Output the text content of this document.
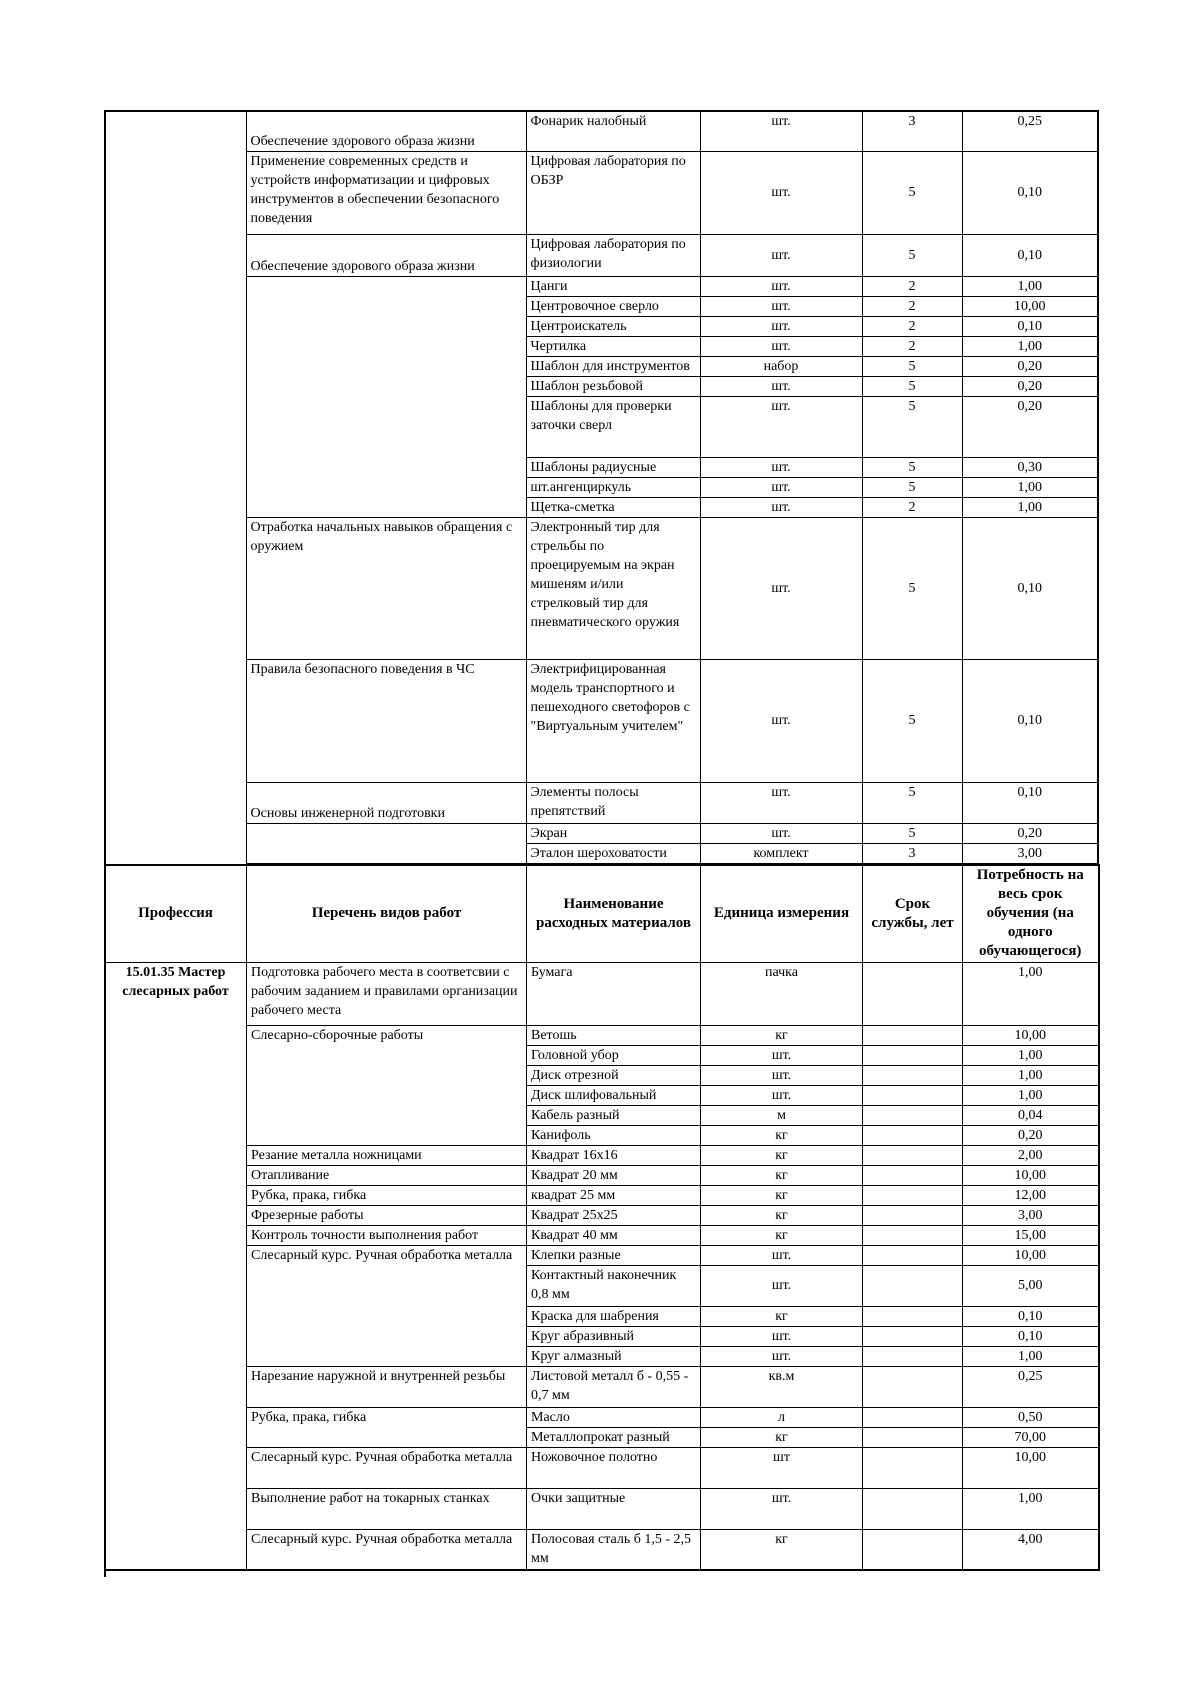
	Обеспечение здорового образа жизни	Фонарик налобный	шт.	3	0,25
	Применение современных средств и устройств информатизации и цифровых инструментов в обеспечении безопасного поведения	Цифровая лаборатория по ОБЗР	шт.	5	0,10
	Обеспечение здорового образа жизни	Цифровая лаборатория по физиологии	шт.	5	0,10
		Цанги	шт.	2	1,00
		Центровочное сверло	шт.	2	10,00
		Центроискатель	шт.	2	0,10
		Чертилка	шт.	2	1,00
		Шаблон для инструментов	набор	5	0,20
		Шаблон резьбовой	шт.	5	0,20
		Шаблоны для проверки заточки сверл	шт.	5	0,20
		Шаблоны радиусные	шт.	5	0,30
		шт.ангенциркуль	шт.	5	1,00
		Щетка-сметка	шт.	2	1,00
	Отработка начальных навыков обращения с оружием	Электронный тир для стрельбы по проецируемым на экран мишеням и/или стрелковый тир для пневматического оружия	шт.	5	0,10
	Правила безопасного поведения в ЧС	Электрифицированная модель транспортного и пешеходного светофоров с "Виртуальным учителем"	шт.	5	0,10
	Основы инженерной подготовки	Элементы полосы препятствий	шт.	5	0,10
		Экран	шт.	5	0,20
		Эталон шероховатости	комплект	3	3,00
Профессия	Перечень видов работ	Наименование расходных материалов	Единица измерения	Срок службы, лет	Потребность на весь срок обучения (на одного обучающегося)
15.01.35 Мастер слесарных работ	Подготовка рабочего места в соответсвии с рабочим заданием и правилами организации рабочего места	Бумага	пачка		1,00
	Слесарно-сборочные работы	Ветошь	кг		10,00
		Головной убор	шт.		1,00
		Диск отрезной	шт.		1,00
		Диск шлифовальный	шт.		1,00
		Кабель разный	м		0,04
		Канифоль	кг		0,20
	Резание металла ножницами	Квадрат 16х16	кг		2,00
	Отапливание	Квадрат 20 мм	кг		10,00
	Рубка, прака, гибка	квадрат 25 мм	кг		12,00
	Фрезерные работы	Квадрат 25х25	кг		3,00
	Контроль точности выполнения работ	Квадрат 40 мм	кг		15,00
	Слесарный курс. Ручная обработка металла	Клепки разные	шт.		10,00
		Контактный наконечник 0,8 мм	шт.		5,00
		Краска для шабрения	кг		0,10
		Круг абразивный	шт.		0,10
		Круг алмазный	шт.		1,00
	Нарезание наружной и внутренней резьбы	Листовой металл б - 0,55 - 0,7 мм	кв.м		0,25
	Рубка, прака, гибка	Масло	л		0,50
		Металлопрокат разный	кг		70,00
	Слесарный курс. Ручная обработка металла	Ножовочное полотно	шт		10,00
	Выполнение работ на токарных станках	Очки защитные	шт.		1,00
	Слесарный курс. Ручная обработка металла	Полосовая сталь б 1,5 - 2,5 мм	кг		4,00
